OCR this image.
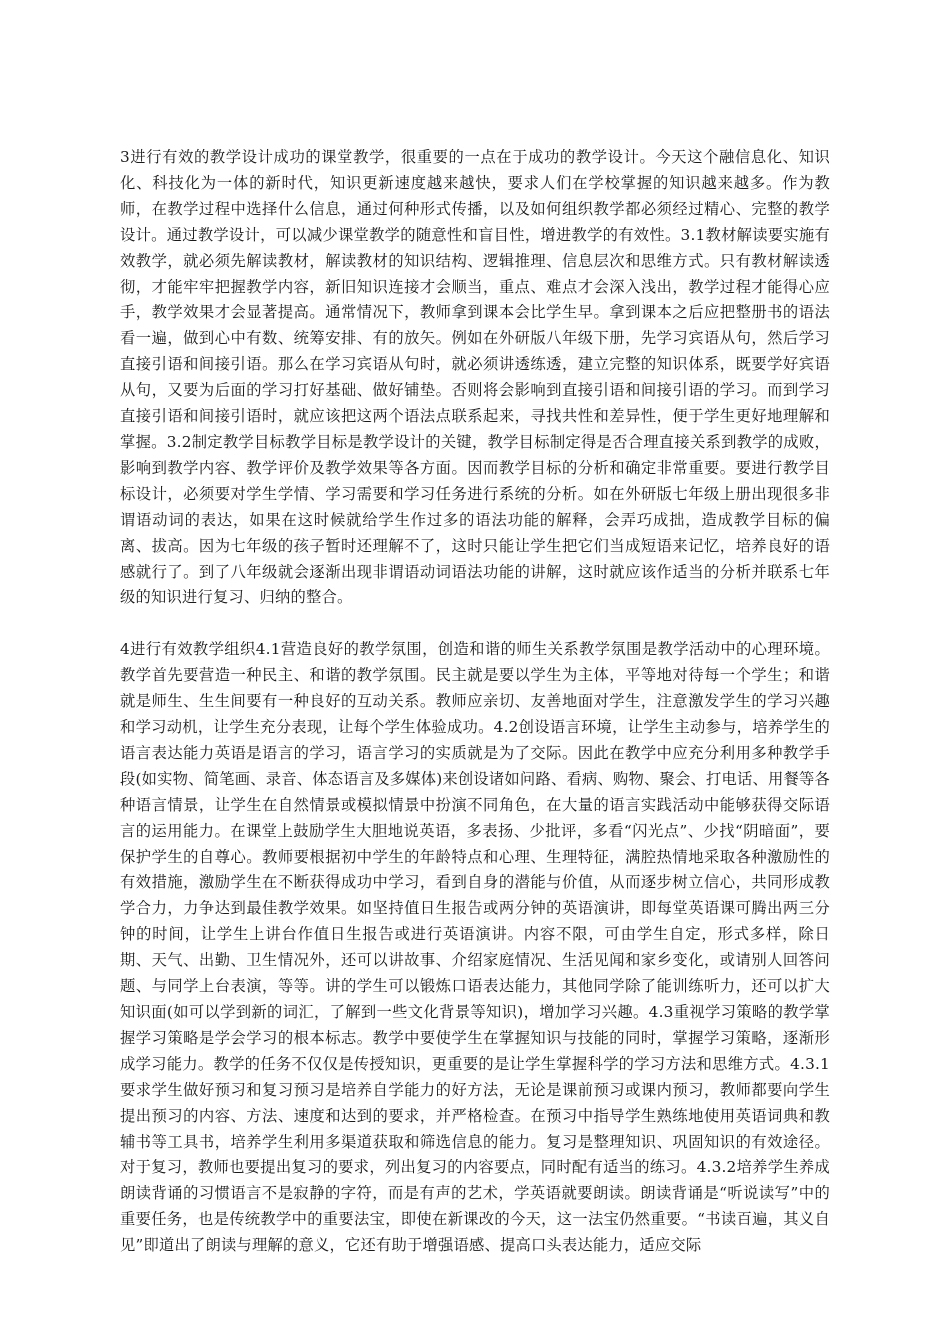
3进行有效的教学设计成功的课堂教学，很重要的一点在于成功的教学设计。今天这个融信息化、知识化、科技化为一体的新时代，知识更新速度越来越快，要求人们在学校掌握的知识越来越多。作为教师，在教学过程中选择什么信息，通过何种形式传播，以及如何组织教学都必须经过精心、完整的教学设计。通过教学设计，可以减少课堂教学的随意性和盲目性，增进教学的有效性。3.1教材解读要实施有效教学，就必须先解读教材，解读教材的知识结构、逻辑推理、信息层次和思维方式。只有教材解读透彻，才能牢牢把握教学内容，新旧知识连接才会顺当，重点、难点才会深入浅出，教学过程才能得心应手，教学效果才会显著提高。通常情况下，教师拿到课本会比学生早。拿到课本之后应把整册书的语法看一遍，做到心中有数、统筹安排、有的放矢。例如在外研版八年级下册，先学习宾语从句，然后学习直接引语和间接引语。那么在学习宾语从句时，就必须讲透练透，建立完整的知识体系，既要学好宾语从句，又要为后面的学习打好基础、做好铺垫。否则将会影响到直接引语和间接引语的学习。而到学习直接引语和间接引语时，就应该把这两个语法点联系起来，寻找共性和差异性，便于学生更好地理解和掌握。3.2制定教学目标教学目标是教学设计的关键，教学目标制定得是否合理直接关系到教学的成败，影响到教学内容、教学评价及教学效果等各方面。因而教学目标的分析和确定非常重要。要进行教学目标设计，必须要对学生学情、学习需要和学习任务进行系统的分析。如在外研版七年级上册出现很多非谓语动词的表达，如果在这时候就给学生作过多的语法功能的解释，会弄巧成拙，造成教学目标的偏离、拔高。因为七年级的孩子暂时还理解不了，这时只能让学生把它们当成短语来记忆，培养良好的语感就行了。到了八年级就会逐渐出现非谓语动词语法功能的讲解，这时就应该作适当的分析并联系七年级的知识进行复习、归纳的整合。

4进行有效教学组织4.1营造良好的教学氛围，创造和谐的师生关系教学氛围是教学活动中的心理环境。教学首先要营造一种民主、和谐的教学氛围。民主就是要以学生为主体，平等地对待每一个学生；和谐就是师生、生生间要有一种良好的互动关系。教师应亲切、友善地面对学生，注意激发学生的学习兴趣和学习动机，让学生充分表现，让每个学生体验成功。4.2创设语言环境，让学生主动参与，培养学生的语言表达能力英语是语言的学习，语言学习的实质就是为了交际。因此在教学中应充分利用多种教学手段(如实物、简笔画、录音、体态语言及多媒体)来创设诸如问路、看病、购物、聚会、打电话、用餐等各种语言情景，让学生在自然情景或模拟情景中扮演不同角色，在大量的语言实践活动中能够获得交际语言的运用能力。在课堂上鼓励学生大胆地说英语，多表扬、少批评，多看“闪光点”、少找“阴暗面”，要保护学生的自尊心。教师要根据初中学生的年龄特点和心理、生理特征，满腔热情地采取各种激励性的有效措施，激励学生在不断获得成功中学习，看到自身的潜能与价值，从而逐步树立信心，共同形成教学合力，力争达到最佳教学效果。如坚持值日生报告或两分钟的英语演讲，即每堂英语课可腾出两三分钟的时间，让学生上讲台作值日生报告或进行英语演讲。内容不限，可由学生自定，形式多样，除日期、天气、出勤、卫生情况外，还可以讲故事、介绍家庭情况、生活见闻和家乡变化，或请别人回答问题、与同学上台表演，等等。讲的学生可以锻炼口语表达能力，其他同学除了能训练听力，还可以扩大知识面(如可以学到新的词汇，了解到一些文化背景等知识)，增加学习兴趣。4.3重视学习策略的教学掌握学习策略是学会学习的根本标志。教学中要使学生在掌握知识与技能的同时，掌握学习策略，逐渐形成学习能力。教学的任务不仅仅是传授知识，更重要的是让学生掌握科学的学习方法和思维方式。4.3.1要求学生做好预习和复习预习是培养自学能力的好方法，无论是课前预习或课内预习，教师都要向学生提出预习的内容、方法、速度和达到的要求，并严格检查。在预习中指导学生熟练地使用英语词典和教辅书等工具书，培养学生利用多渠道获取和筛选信息的能力。复习是整理知识、巩固知识的有效途径。对于复习，教师也要提出复习的要求，列出复习的内容要点，同时配有适当的练习。4.3.2培养学生养成朗读背诵的习惯语言不是寂静的字符，而是有声的艺术，学英语就要朗读。朗读背诵是“听说读写”中的重要任务，也是传统教学中的重要法宝，即使在新课改的今天，这一法宝仍然重要。“书读百遍，其义自见”即道出了朗读与理解的意义，它还有助于增强语感、提高口头表达能力，适应交际
